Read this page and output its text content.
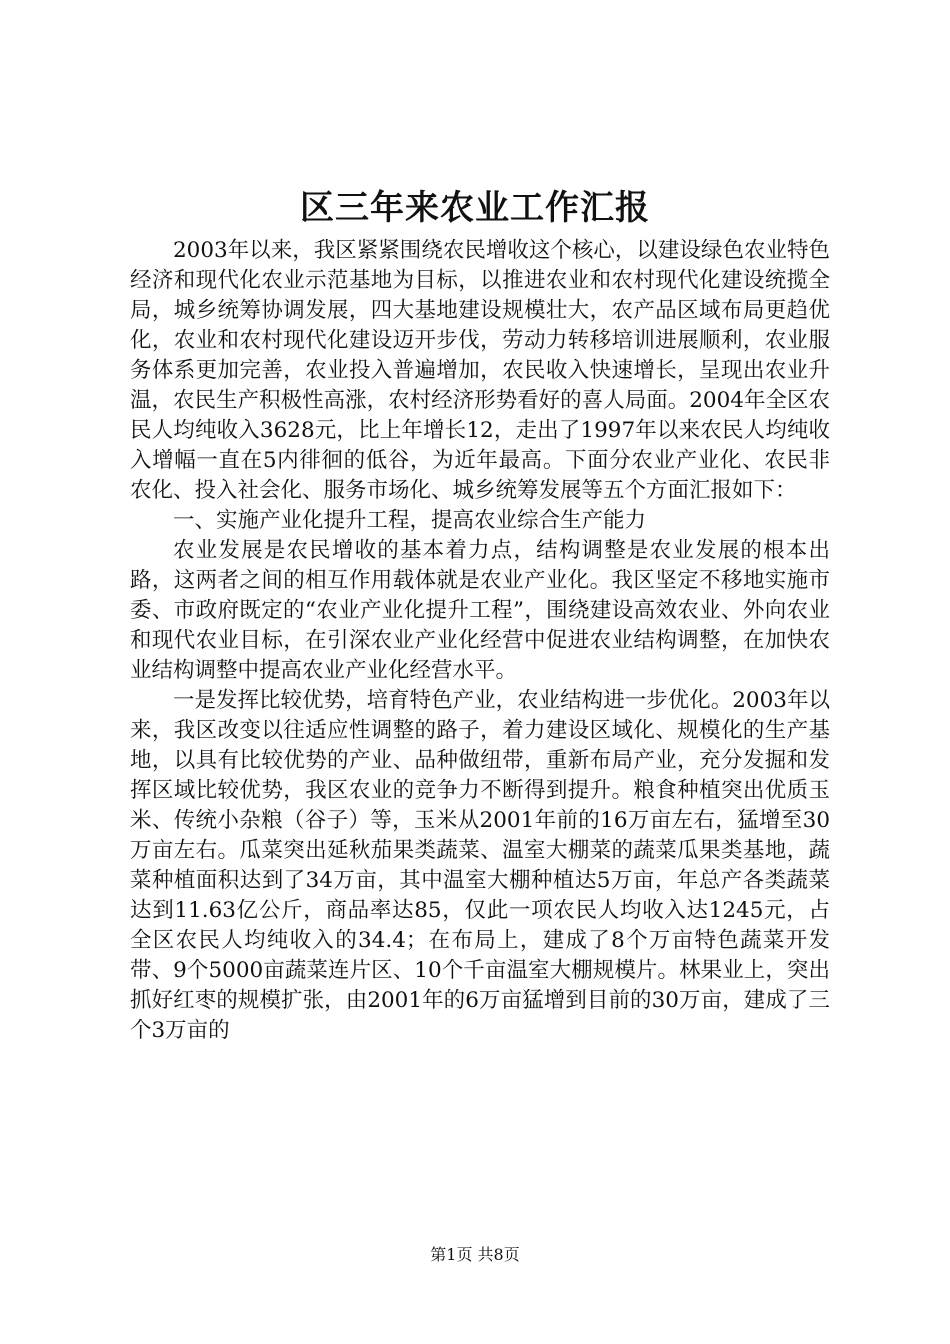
区三年来农业工作汇报

2003年以来，我区紧紧围绕农民增收这个核心，以建设绿色农业特色经济和现代化农业示范基地为目标，以推进农业和农村现代化建设统揽全局，城乡统筹协调发展，四大基地建设规模壮大，农产品区域布局更趋优化，农业和农村现代化建设迈开步伐，劳动力转移培训进展顺利，农业服务体系更加完善，农业投入普遍增加，农民收入快速增长，呈现出农业升温，农民生产积极性高涨，农村经济形势看好的喜人局面。2004年全区农民人均纯收入3628元，比上年增长12，走出了1997年以来农民人均纯收入增幅一直在5内徘徊的低谷，为近年最高。下面分农业产业化、农民非农化、投入社会化、服务市场化、城乡统筹发展等五个方面汇报如下：

一、实施产业化提升工程，提高农业综合生产能力

农业发展是农民增收的基本着力点，结构调整是农业发展的根本出路，这两者之间的相互作用载体就是农业产业化。我区坚定不移地实施市委、市政府既定的“农业产业化提升工程”，围绕建设高效农业、外向农业和现代农业目标，在引深农业产业化经营中促进农业结构调整，在加快农业结构调整中提高农业产业化经营水平。

一是发挥比较优势，培育特色产业，农业结构进一步优化。2003年以来，我区改变以往适应性调整的路子，着力建设区域化、规模化的生产基地，以具有比较优势的产业、品种做纽带，重新布局产业，充分发掘和发挥区域比较优势，我区农业的竞争力不断得到提升。粮食种植突出优质玉米、传统小杂粮（谷子）等，玉米从2001年前的16万亩左右，猛增至30万亩左右。瓜菜突出延秋茄果类蔬菜、温室大棚菜的蔬菜瓜果类基地，蔬菜种植面积达到了34万亩，其中温室大棚种植达5万亩，年总产各类蔬菜达到11.63亿公斤，商品率达85，仅此一项农民人均收入达1245元，占全区农民人均纯收入的34.4；在布局上，建成了8个万亩特色蔬菜开发带、9个5000亩蔬菜连片区、10个千亩温室大棚规模片。林果业上，突出抓好红枣的规模扩张，由2001年的6万亩猛增到目前的30万亩，建成了三个3万亩的

第1页 共8页
